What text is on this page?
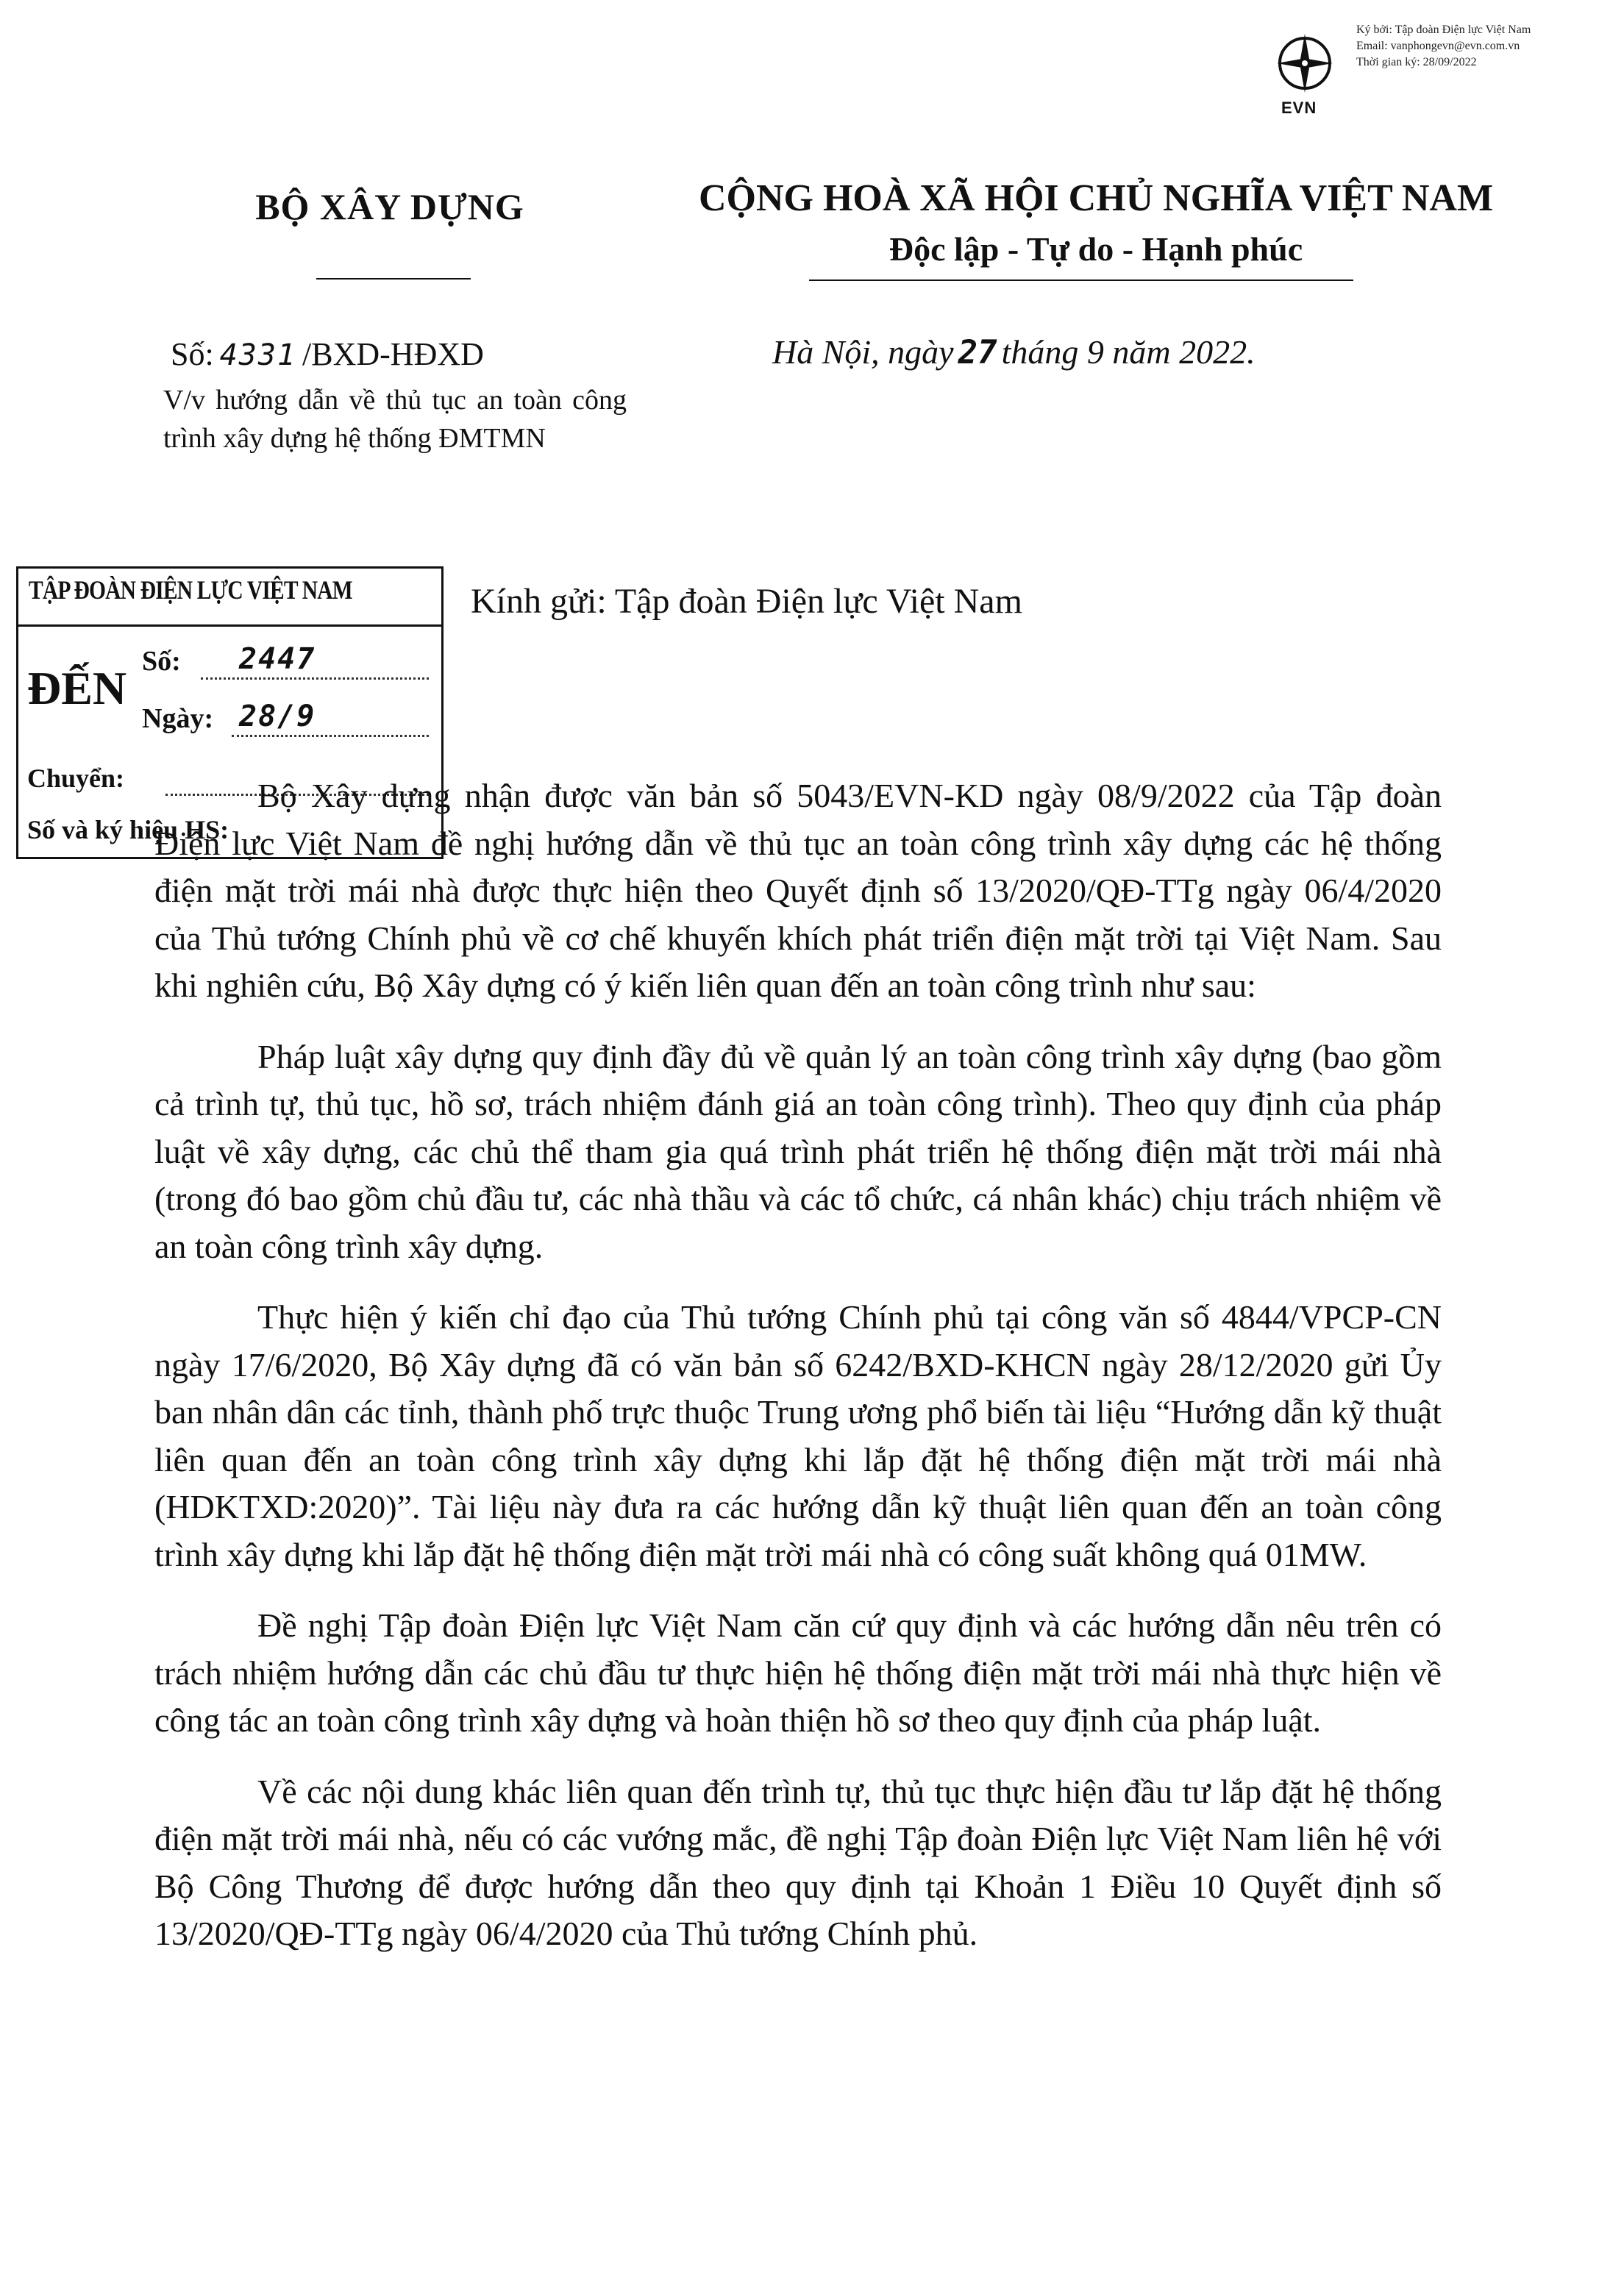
EVN
Ký bởi: Tập đoàn Điện lực Việt Nam
Email: vanphongevn@evn.com.vn
Thời gian ký: 28/09/2022
BỘ XÂY DỰNG	CỘNG HOÀ XÃ HỘI CHỦ NGHĨA VIỆT NAM
Độc lập - Tự do - Hạnh phúc
Số: 4331 /BXD-HĐXD
V/v hướng dẫn về thủ tục an toàn công trình xây dựng hệ thống ĐMTMN
Hà Nội, ngày 27 tháng 9 năm 2022.
TẬP ĐOÀN ĐIỆN LỰC VIỆT NAM
ĐẾN
Số: 2447
Ngày: 28/9
Chuyển:
Số và ký hiệu HS:
Kính gửi: Tập đoàn Điện lực Việt Nam

Bộ Xây dựng nhận được văn bản số 5043/EVN-KD ngày 08/9/2022 của Tập đoàn Điện lực Việt Nam đề nghị hướng dẫn về thủ tục an toàn công trình xây dựng các hệ thống điện mặt trời mái nhà được thực hiện theo Quyết định số 13/2020/QĐ-TTg ngày 06/4/2020 của Thủ tướng Chính phủ về cơ chế khuyến khích phát triển điện mặt trời tại Việt Nam. Sau khi nghiên cứu, Bộ Xây dựng có ý kiến liên quan đến an toàn công trình như sau:

Pháp luật xây dựng quy định đầy đủ về quản lý an toàn công trình xây dựng (bao gồm cả trình tự, thủ tục, hồ sơ, trách nhiệm đánh giá an toàn công trình). Theo quy định của pháp luật về xây dựng, các chủ thể tham gia quá trình phát triển hệ thống điện mặt trời mái nhà (trong đó bao gồm chủ đầu tư, các nhà thầu và các tổ chức, cá nhân khác) chịu trách nhiệm về an toàn công trình xây dựng.

Thực hiện ý kiến chỉ đạo của Thủ tướng Chính phủ tại công văn số 4844/VPCP-CN ngày 17/6/2020, Bộ Xây dựng đã có văn bản số 6242/BXD-KHCN ngày 28/12/2020 gửi Ủy ban nhân dân các tỉnh, thành phố trực thuộc Trung ương phổ biến tài liệu “Hướng dẫn kỹ thuật liên quan đến an toàn công trình xây dựng khi lắp đặt hệ thống điện mặt trời mái nhà (HDKTXD:2020)”. Tài liệu này đưa ra các hướng dẫn kỹ thuật liên quan đến an toàn công trình xây dựng khi lắp đặt hệ thống điện mặt trời mái nhà có công suất không quá 01MW.

Đề nghị Tập đoàn Điện lực Việt Nam căn cứ quy định và các hướng dẫn nêu trên có trách nhiệm hướng dẫn các chủ đầu tư thực hiện hệ thống điện mặt trời mái nhà thực hiện về công tác an toàn công trình xây dựng và hoàn thiện hồ sơ theo quy định của pháp luật.

Về các nội dung khác liên quan đến trình tự, thủ tục thực hiện đầu tư lắp đặt hệ thống điện mặt trời mái nhà, nếu có các vướng mắc, đề nghị Tập đoàn Điện lực Việt Nam liên hệ với Bộ Công Thương để được hướng dẫn theo quy định tại Khoản 1 Điều 10 Quyết định số 13/2020/QĐ-TTg ngày 06/4/2020 của Thủ tướng Chính phủ.
